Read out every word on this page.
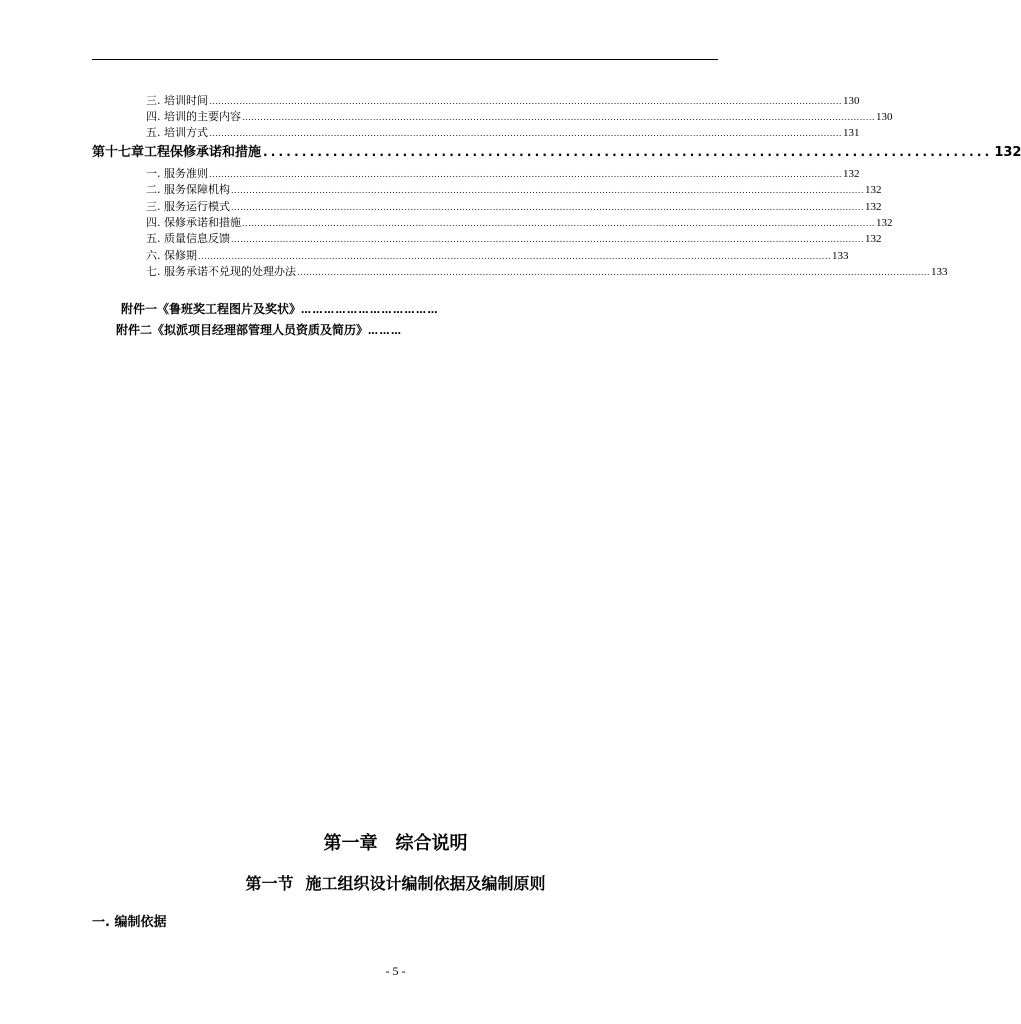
三. 培训时间 ................................................................................................................................................................................................................ 130
四. 培训的主要内容 ................................................................................................................................................................................................................ 130
五. 培训方式 ................................................................................................................................................................................................................ 131
第十七章 工程保修承诺和措施 .............................................................................................. 132
一. 服务准则 ................................................................................................................................................................................................................ 132
二. 服务保障机构 ................................................................................................................................................................................................................ 132
三. 服务运行模式 ................................................................................................................................................................................................................ 132
四. 保修承诺和措施 ................................................................................................................................................................................................................ 132
五. 质量信息反馈 ................................................................................................................................................................................................................ 132
六. 保修期 ................................................................................................................................................................................................................ 133
七. 服务承诺不兑现的处理办法 ................................................................................................................................................................................................................ 133
附件一《鲁班奖工程图片及奖状》………………………………
附件二《拟派项目经理部管理人员资质及简历》………
第一章　综合说明
第一节 施工组织设计编制依据及编制原则
一. 编制依据
- 5 -
